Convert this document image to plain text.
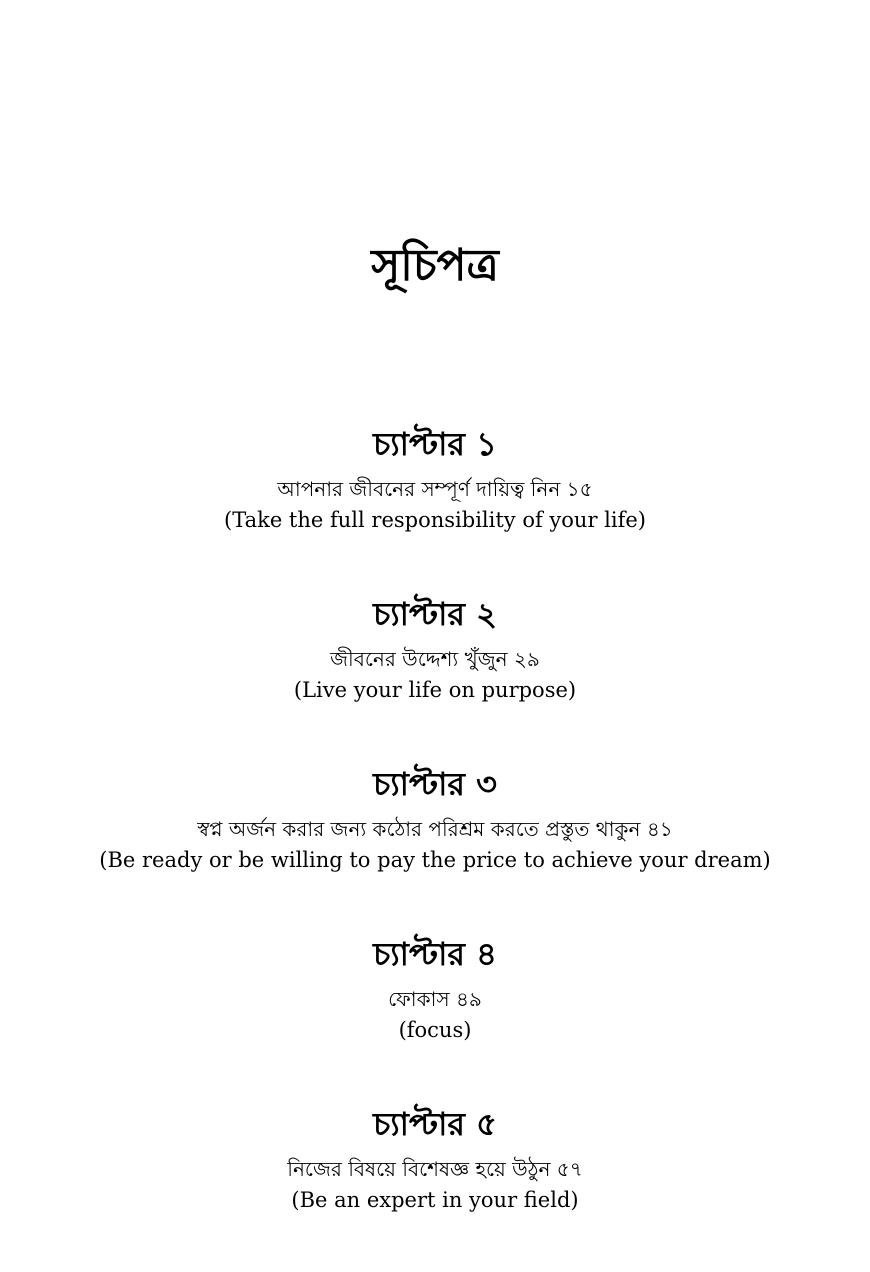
সূচিপত্র
চ্যাপ্টার ১
আপনার জীবনের সম্পূর্ণ দায়িত্ব নিন ১৫
(Take the full responsibility of your life)
চ্যাপ্টার ২
জীবনের উদ্দেশ্য খুঁজুন ২৯
(Live your life on purpose)
চ্যাপ্টার ৩
স্বপ্ন অর্জন করার জন্য কঠোর পরিশ্রম করতে প্রস্তুত থাকুন ৪১
(Be ready or be willing to pay the price to achieve your dream)
চ্যাপ্টার ৪
ফোকাস ৪৯
(focus)
চ্যাপ্টার ৫
নিজের বিষয়ে বিশেষজ্ঞ হয়ে উঠুন ৫৭
(Be an expert in your field)
